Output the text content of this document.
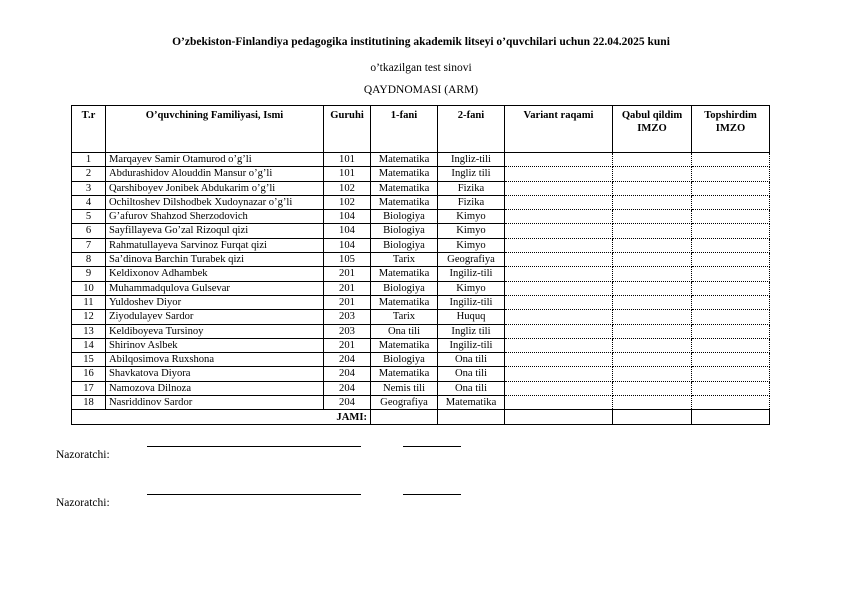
O’zbekiston-Finlandiya pedagogika institutining akademik litseyi o’quvchilari uchun 22.04.2025 kuni
o’tkazilgan test sinovi
QAYDNOMASI (ARM)
T.r	O’quvchining Familiyasi, Ismi	Guruhi	1-fani	2-fani	Variant raqami	Qabul qildim IMZO	Topshirdim IMZO
1	Marqayev Samir Otamurod o’g’li	101	Matematika	Ingliz-tili			
2	Abdurashidov Alouddin Mansur o’g’li	101	Matematika	Ingliz tili			
3	Qarshiboyev Jonibek Abdukarim o’g’li	102	Matematika	Fizika			
4	Ochiltoshev Dilshodbek Xudoynazar o’g’li	102	Matematika	Fizika			
5	G’afurov Shahzod Sherzodovich	104	Biologiya	Kimyo			
6	Sayfillayeva Go’zal Rizoqul qizi	104	Biologiya	Kimyo			
7	Rahmatullayeva Sarvinoz Furqat qizi	104	Biologiya	Kimyo			
8	Sa’dinova Barchin Turabek qizi	105	Tarix	Geografiya			
9	Keldixonov Adhambek	201	Matematika	Ingiliz-tili			
10	Muhammadqulova Gulsevar	201	Biologiya	Kimyo			
11	Yuldoshev Diyor	201	Matematika	Ingiliz-tili			
12	Ziyodulayev Sardor	203	Tarix	Huquq			
13	Keldiboyeva Tursinoy	203	Ona tili	Ingliz tili			
14	Shirinov Aslbek	201	Matematika	Ingiliz-tili			
15	Abilqosimova Ruxshona	204	Biologiya	Ona tili			
16	Shavkatova Diyora	204	Matematika	Ona tili			
17	Namozova Dilnoza	204	Nemis tili	Ona tili			
18	Nasriddinov Sardor	204	Geografiya	Matematika			
JAMI:							
Nazoratchi:
Nazoratchi:
